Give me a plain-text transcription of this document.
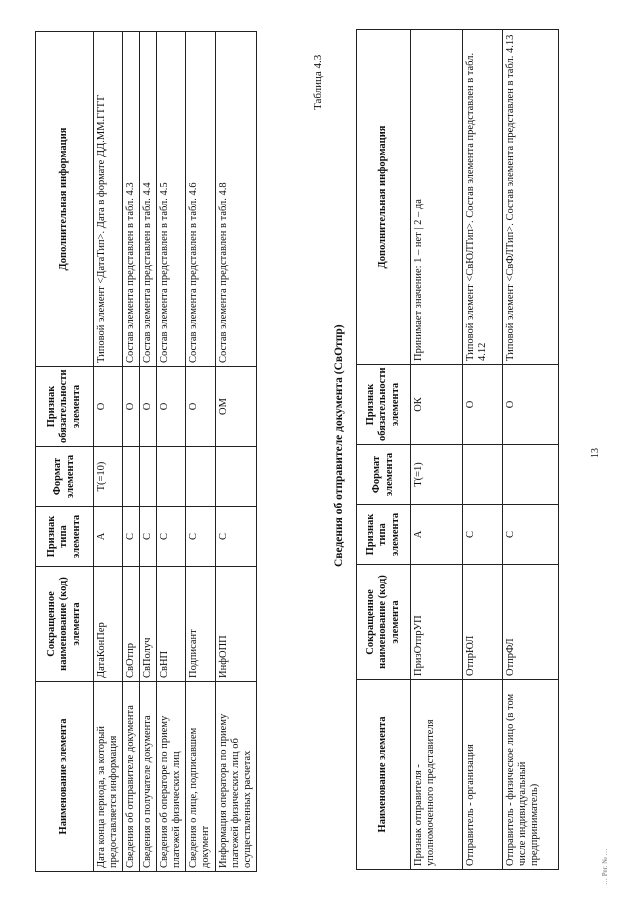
13
Наименование элемента	Сокращенное наименование (код) элемента	Признак типа элемента	Формат элемента	Признак обязательности элемента	Дополнительная информация
Дата конца периода, за который предоставляется информация	ДатаКонПер	А	T(=10)	О	Типовой элемент <ДатаТип>. Дата в формате ДД.ММ.ГГГГ
Сведения об отправителе документа	СвОтпр	С		О	Состав элемента представлен в табл. 4.3
Сведения о получателе документа	СвПолуч	С		О	Состав элемента представлен в табл. 4.4
Сведения об операторе по приему платежей физических лиц	СвНП	С		О	Состав элемента представлен в табл. 4.5
Сведения о лице, подписавшем документ	Подписант	С		О	Состав элемента представлен в табл. 4.6
Информация оператора по приему платежей физических лиц об осуществленных расчетах	ИнфОПП	С		ОМ	Состав элемента представлен в табл. 4.8
Таблица 4.3
Сведения об отправителе документа (СвОтпр)
Наименование элемента	Сокращенное наименование (код) элемента	Признак типа элемента	Формат элемента	Признак обязательности элемента	Дополнительная информация
Признак отправителя - уполномоченного представителя	ПризОтпрУП	А	T(=1)	ОК	Принимает значение: 1 – нет | 2 – да
Отправитель - организация	ОтпрЮЛ	С		О	Типовой элемент <СвЮЛТип>. Состав элемента представлен в табл. 4.12
Отправитель - физическое лицо (в том числе индивидуальный предприниматель)	ОтпрФЛ	С		О	Типовой элемент <СвФЛТип>. Состав элемента представлен в табл. 4.13
… Рег. № …
